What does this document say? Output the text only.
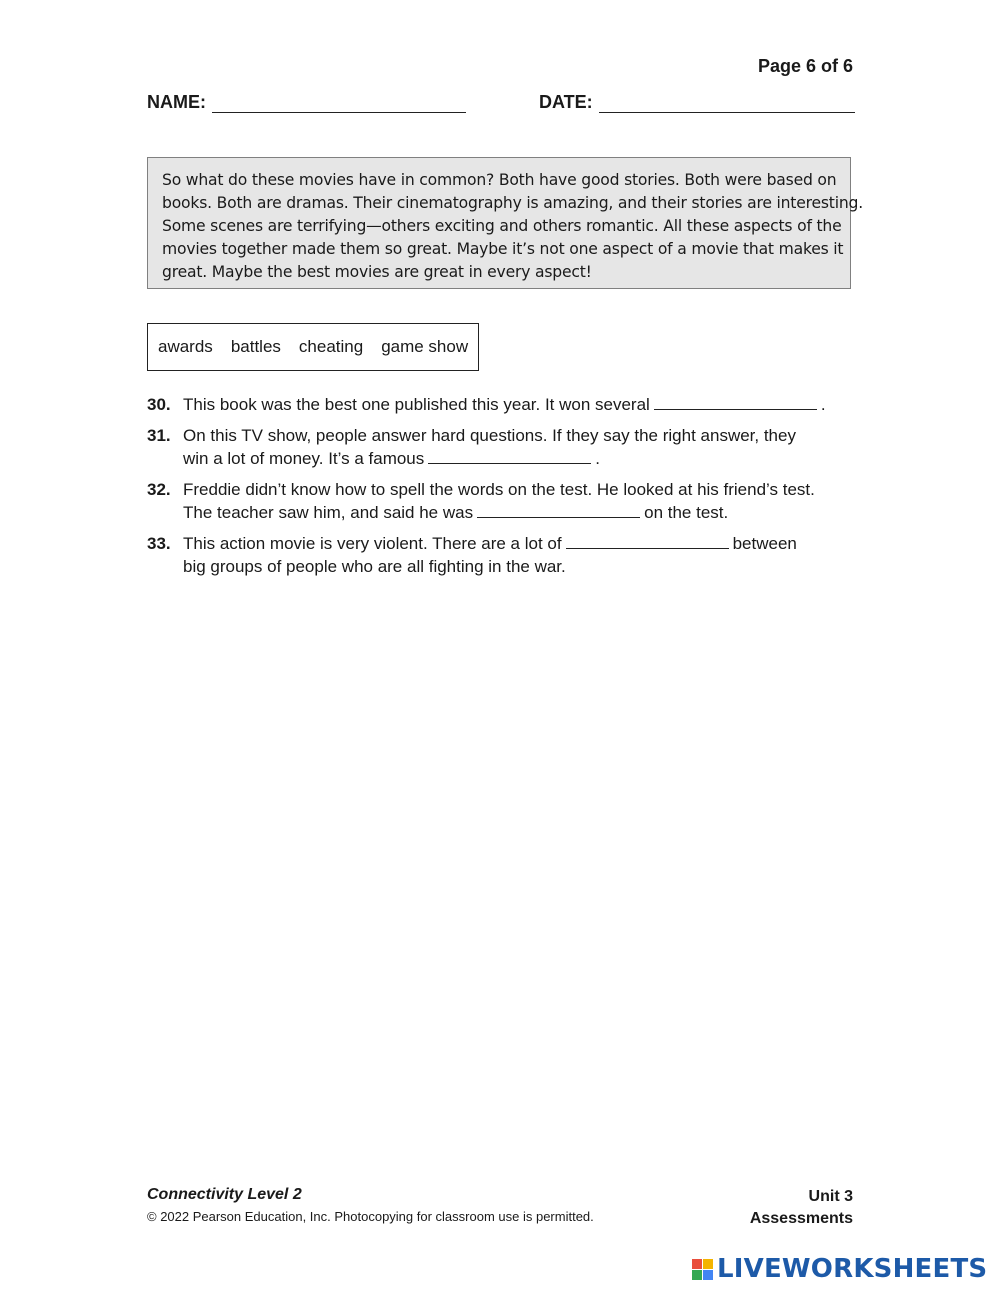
Page 6 of 6
NAME:	DATE:
So what do these movies have in common? Both have good stories. Both were based on
books. Both are dramas. Their cinematography is amazing, and their stories are interesting.
Some scenes are terrifying—others exciting and others romantic. All these aspects of the
movies together made them so great. Maybe it’s not one aspect of a movie that makes it
great. Maybe the best movies are great in every aspect!
awards battles cheating game show
30. This book was the best one published this year. It won several	.
31. On this TV show, people answer hard questions. If they say the right answer, they
win a lot of money. It’s a famous	.
32. Freddie didn’t know how to spell the words on the test. He looked at his friend’s test.
The teacher saw him, and said he was	on the test.
33. This action movie is very violent. There are a lot of	between
big groups of people who are all fighting in the war.
Connectivity Level 2
© 2022 Pearson Education, Inc. Photocopying for classroom use is permitted.
Unit 3
Assessments
LIVEWORKSHEETS
